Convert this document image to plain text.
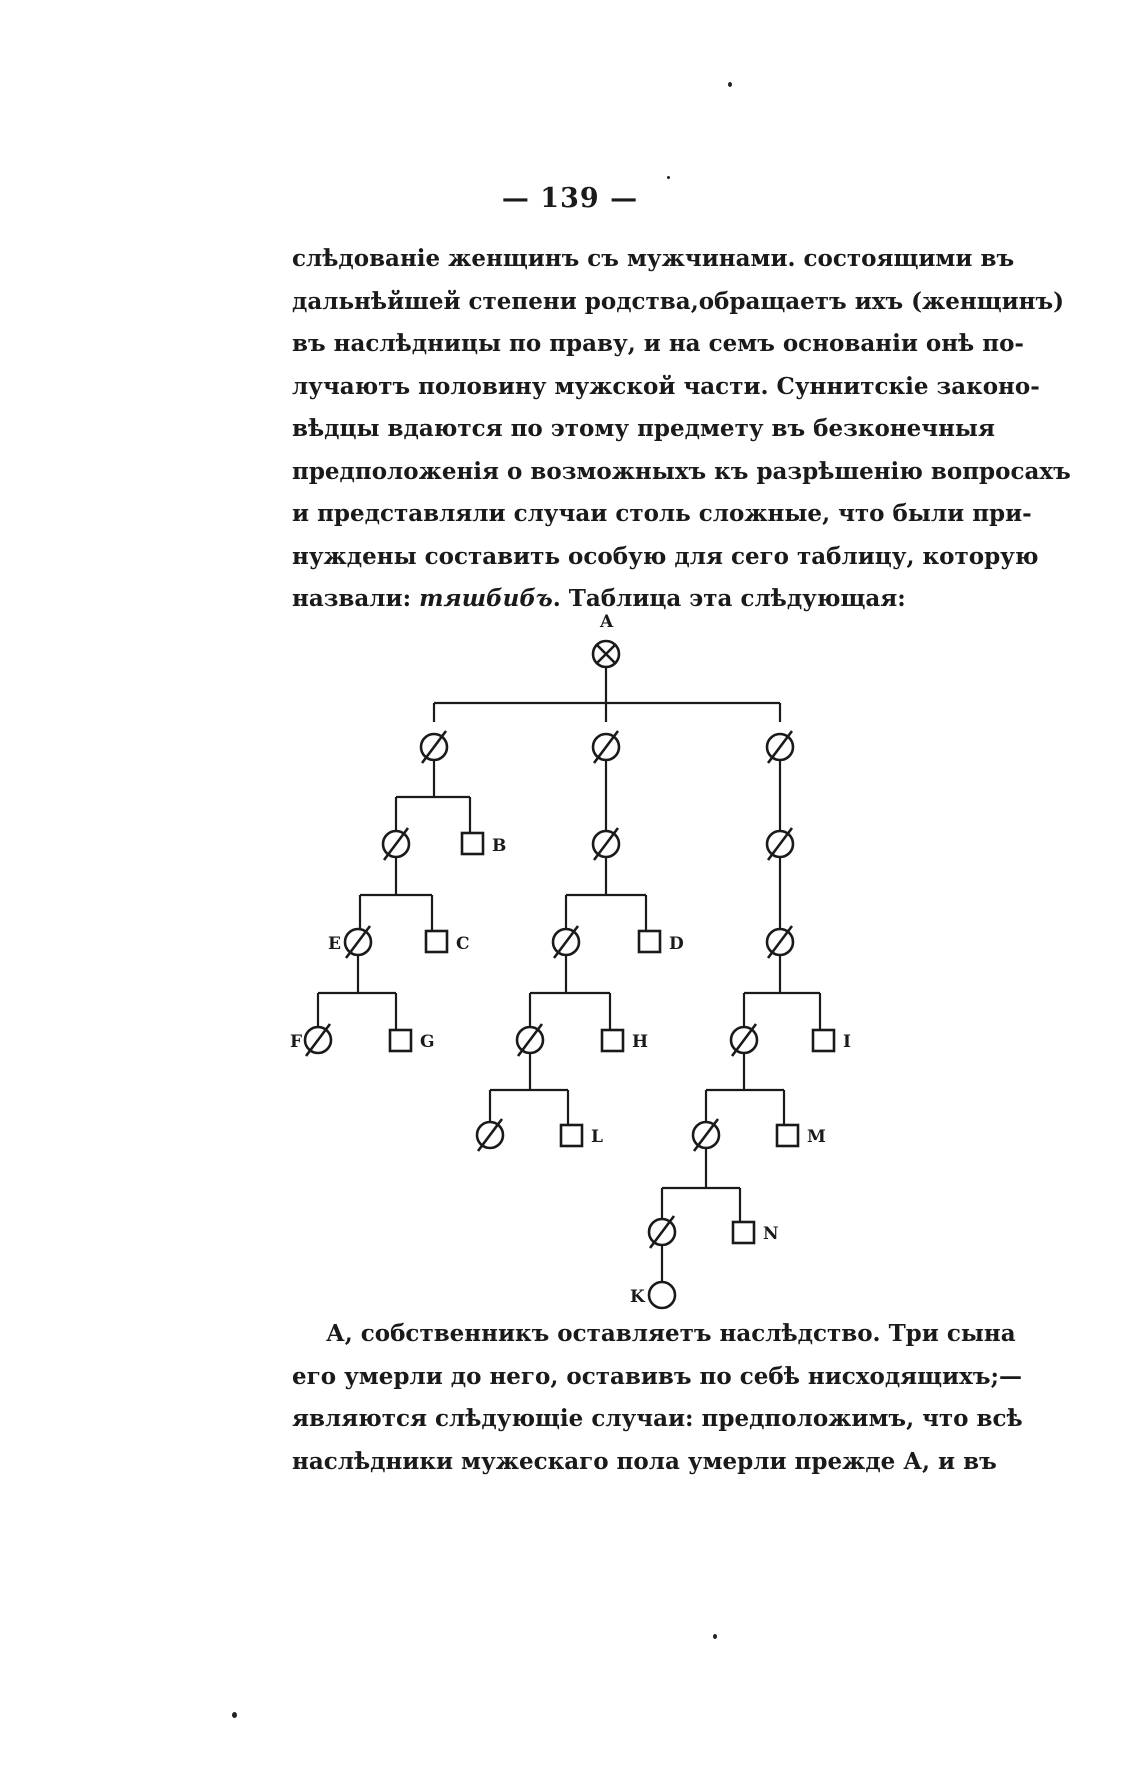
— 139 —
слѣдованіе женщинъ съ мужчинами. состоящими въ
дальнѣйшей степени родства,обращаетъ ихъ (женщинъ)
въ наслѣдницы по праву, и на семъ основаніи онѣ по-
лучаютъ половину мужской части. Суннитскіе законо-
вѣдцы вдаются по этому предмету въ безконечныя
предположенія о возможныхъ къ разрѣшенію вопросахъ
и представляли случаи столь сложные, что были при-
нуждены составить особую для сего таблицу, которую
назвали: тяшбибъ. Таблица эта слѣдующая:
A
B
E	C
F	G
D
H
L
I
M
N
K
А, собственникъ оставляетъ наслѣдство. Три сына
его умерли до него, оставивъ по себѣ нисходящихъ;—
являются слѣдующіе случаи: предположимъ, что всѣ
наслѣдники мужескаго пола умерли прежде А, и въ
